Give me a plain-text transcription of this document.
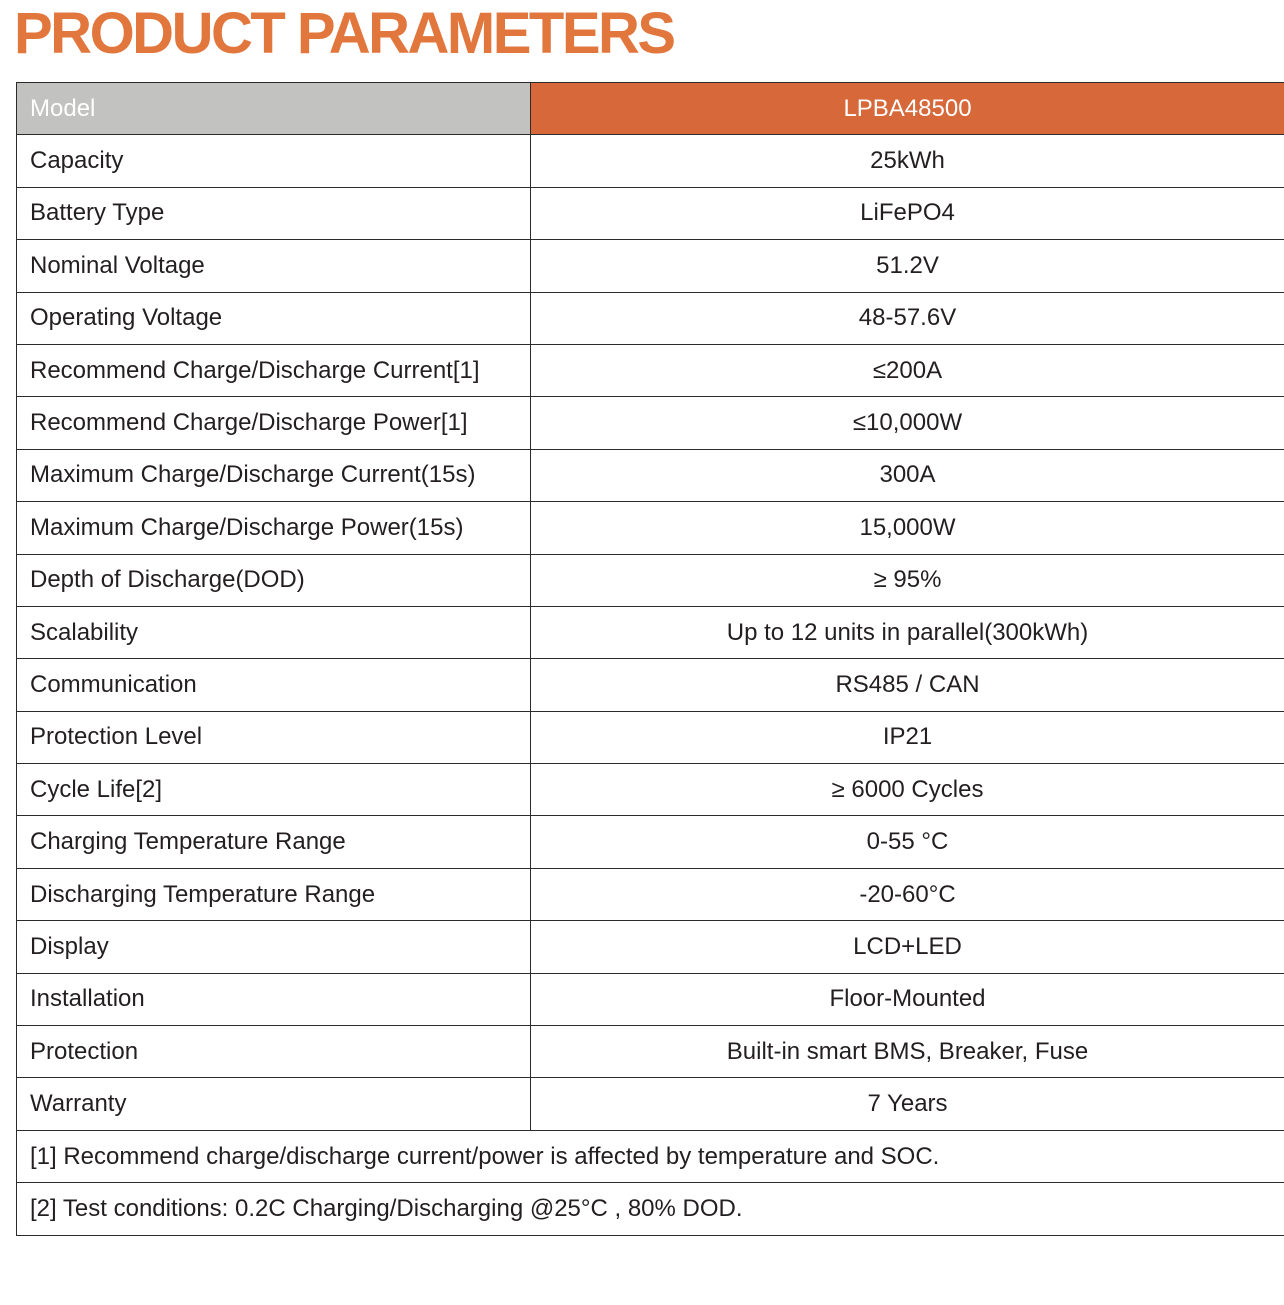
PRODUCT PARAMETERS
Model	LPBA48500
Capacity	25kWh
Battery Type	LiFePO4
Nominal Voltage	51.2V
Operating Voltage	48-57.6V
Recommend Charge/Discharge Current[1]	≤200A
Recommend Charge/Discharge Power[1]	≤10,000W
Maximum Charge/Discharge Current(15s)	300A
Maximum Charge/Discharge Power(15s)	15,000W
Depth of Discharge(DOD)	≥ 95%
Scalability	Up to 12 units in parallel(300kWh)
Communication	RS485 / CAN
Protection Level	IP21
Cycle Life[2]	≥ 6000 Cycles
Charging Temperature Range	0-55 °C
Discharging Temperature Range	-20-60°C
Display	LCD+LED
Installation	Floor-Mounted
Protection	Built-in smart BMS, Breaker, Fuse
Warranty	7 Years
[1] Recommend charge/discharge current/power is affected by temperature and SOC.	
[2] Test conditions: 0.2C Charging/Discharging @25°C , 80% DOD.	
